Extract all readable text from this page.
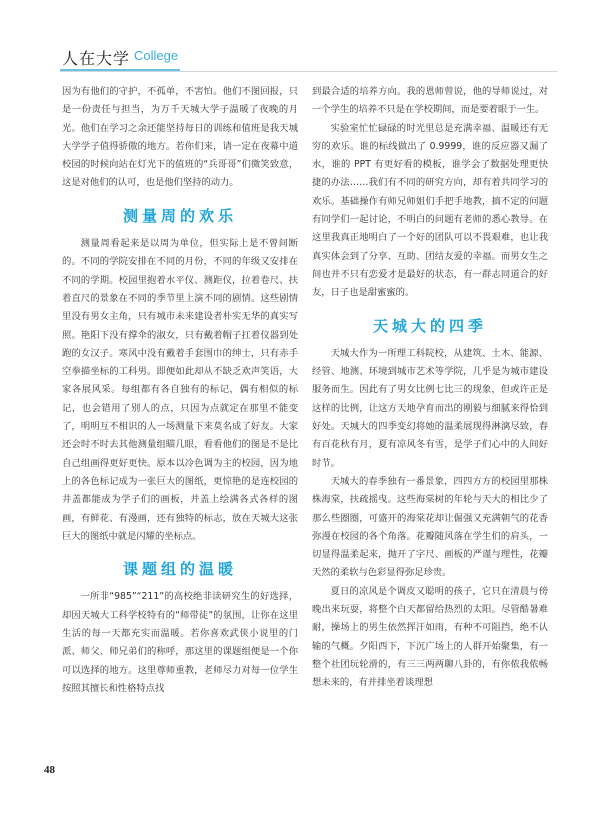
人在大学 College

因为有他们的守护，不孤单，不害怕。他们不图回报，只是一份责任与担当，为万千天城大学子温暖了夜晚的月光。他们在学习之余还能坚持每日的训练和值班是我天城大学学子值得骄傲的地方。若你们来，请一定在夜幕中道校园的时候向站在灯光下的值班的“兵哥哥”们微笑致意，这是对他们的认可，也是他们坚持的动力。

测量周的欢乐

测量周看起来是以周为单位，但实际上是不曾间断的。不同的学院安排在不同的月份，不同的年级又安排在不同的学期。校园里抱着水平仪、测距仪，拉着卷尺、扶着直尺的景象在不同的季节里上演不同的剧情。这些剧情里没有男女主角，只有城市未来建设者朴实无华的真实写照。艳阳下没有撑伞的淑女，只有戴着帽子扛着仪器到处跑的女汉子。寒风中没有戴着手套围巾的绅士，只有赤手空拳描坐标的工科男。即便如此却从不缺乏欢声笑语，大家各展风采。每组都有各自独有的标记，偶有相似的标记，也会错用了别人的点，只因为点就定在那里不能变了，明明互不相识的人一场测量下来莫名成了好友。大家还会时不时去其他测量组瞄几眼，看看他们的图是不是比自己组画得更好更快。原本以冷色调为主的校园，因为地上的各色标记成为一张巨大的图纸，更惊艳的是连校园的井盖都能成为学子们的画板，并盖上绘满各式各样的图画，有鲜花、有漫画，还有独特的标志，放在天城大这张巨大的图纸中就是闪耀的坐标点。

课题组的温暖

一所非“985”“211”的高校绝非读研究生的好选择，却因天城大工科学校特有的“师带徒”的氛围，让你在这里生活的每一天都充实而温暖。若你喜欢武侠小说里的门派、师父、师兄弟们的称呼，那这里的课题组便是一个你可以选择的地方。这里尊师重教，老师尽力对每一位学生按照其擅长和性格特点找

到最合适的培养方向。我的恩师曾说，他的导师说过，对一个学生的培养不只是在学校期间，而是要着眼于一生。

实验室忙忙碌碌的时光里总是充满幸福、温暖还有无穷的欢乐。谁的标线做出了 0.9999，谁的反应器又漏了水，谁的 PPT 有更好看的模板，谁学会了数据处理更快捷的办法……我们有不同的研究方向，却有着共同学习的欢乐。基础操作有师兄师姐们手把手地教，搞不定的问题有同学们一起讨论，不明白的问题有老师的悉心教导。在这里我真正地明白了一个好的团队可以不畏艰难，也让我真实体会到了分享、互助、团结友爱的幸福。而男女生之间也并不只有恋爱才是最好的状态，有一群志同道合的好友，日子也是甜蜜蜜的。

天城大的四季

天城大作为一所理工科院校，从建筑、土木、能源、经管、地测、环境到城市艺术等学院，几乎是为城市建设服务而生。因此有了男女比例七比三的现象，但或许正是这样的比例，让这方天地孕育而出的刚毅与细腻来得恰到好处。天城大的四季变幻将她的温柔展现得淋漓尽致，春有百花秋有月，夏有凉风冬有雪，是学子们心中的人间好时节。

天城大的春季独有一番景象，四四方方的校园里那株株海棠，扶疏摇曳。这些海棠树的年轮与天大的相比少了那么些圈圈，可盛开的海棠花却让倔强又充满朝气的花香弥漫在校园的各个角落。花瓣随风落在学生们的肩头，一切显得温柔起来，抛开了字尺、画板的严谨与理性，花瓣天然的柔软与色彩显得弥足珍贵。

夏日的凉风是个调皮又聪明的孩子，它只在清晨与傍晚出来玩耍，将整个白天都留给热烈的太阳。尽管酷暑难耐，操场上的男生依然挥汗如雨，有种不可阻挡，绝不认输的气概。夕阳西下，下沉广场上的人群开始聚集，有一整个社团玩轮滑的，有三三两两聊八卦的，有你侬我侬畅想未来的，有并排坐着谈理想

48
